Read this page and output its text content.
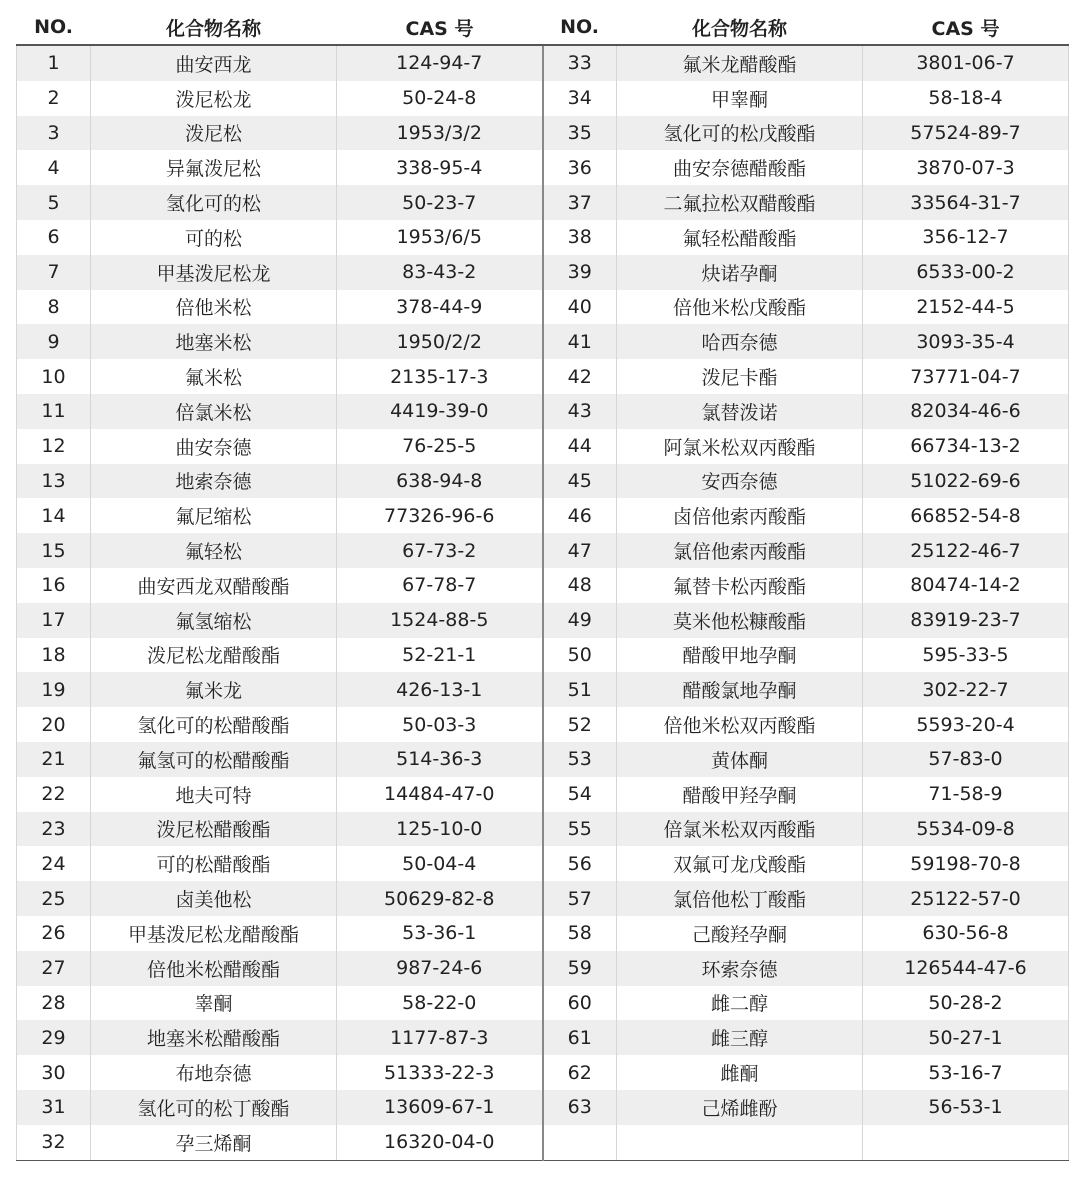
NO.	化合物名称	CAS 号	NO.	化合物名称	CAS 号
1	曲安西龙	124-94-7	33	氟米龙醋酸酯	3801-06-7
2	泼尼松龙	50-24-8	34	甲睾酮	58-18-4
3	泼尼松	1953/3/2	35	氢化可的松戊酸酯	57524-89-7
4	异氟泼尼松	338-95-4	36	曲安奈德醋酸酯	3870-07-3
5	氢化可的松	50-23-7	37	二氟拉松双醋酸酯	33564-31-7
6	可的松	1953/6/5	38	氟轻松醋酸酯	356-12-7
7	甲基泼尼松龙	83-43-2	39	炔诺孕酮	6533-00-2
8	倍他米松	378-44-9	40	倍他米松戊酸酯	2152-44-5
9	地塞米松	1950/2/2	41	哈西奈德	3093-35-4
10	氟米松	2135-17-3	42	泼尼卡酯	73771-04-7
11	倍氯米松	4419-39-0	43	氯替泼诺	82034-46-6
12	曲安奈德	76-25-5	44	阿氯米松双丙酸酯	66734-13-2
13	地索奈德	638-94-8	45	安西奈德	51022-69-6
14	氟尼缩松	77326-96-6	46	卤倍他索丙酸酯	66852-54-8
15	氟轻松	67-73-2	47	氯倍他索丙酸酯	25122-46-7
16	曲安西龙双醋酸酯	67-78-7	48	氟替卡松丙酸酯	80474-14-2
17	氟氢缩松	1524-88-5	49	莫米他松糠酸酯	83919-23-7
18	泼尼松龙醋酸酯	52-21-1	50	醋酸甲地孕酮	595-33-5
19	氟米龙	426-13-1	51	醋酸氯地孕酮	302-22-7
20	氢化可的松醋酸酯	50-03-3	52	倍他米松双丙酸酯	5593-20-4
21	氟氢可的松醋酸酯	514-36-3	53	黄体酮	57-83-0
22	地夫可特	14484-47-0	54	醋酸甲羟孕酮	71-58-9
23	泼尼松醋酸酯	125-10-0	55	倍氯米松双丙酸酯	5534-09-8
24	可的松醋酸酯	50-04-4	56	双氟可龙戊酸酯	59198-70-8
25	卤美他松	50629-82-8	57	氯倍他松丁酸酯	25122-57-0
26	甲基泼尼松龙醋酸酯	53-36-1	58	己酸羟孕酮	630-56-8
27	倍他米松醋酸酯	987-24-6	59	环索奈德	126544-47-6
28	睾酮	58-22-0	60	雌二醇	50-28-2
29	地塞米松醋酸酯	1177-87-3	61	雌三醇	50-27-1
30	布地奈德	51333-22-3	62	雌酮	53-16-7
31	氢化可的松丁酸酯	13609-67-1	63	己烯雌酚	56-53-1
32	孕三烯酮	16320-04-0			
